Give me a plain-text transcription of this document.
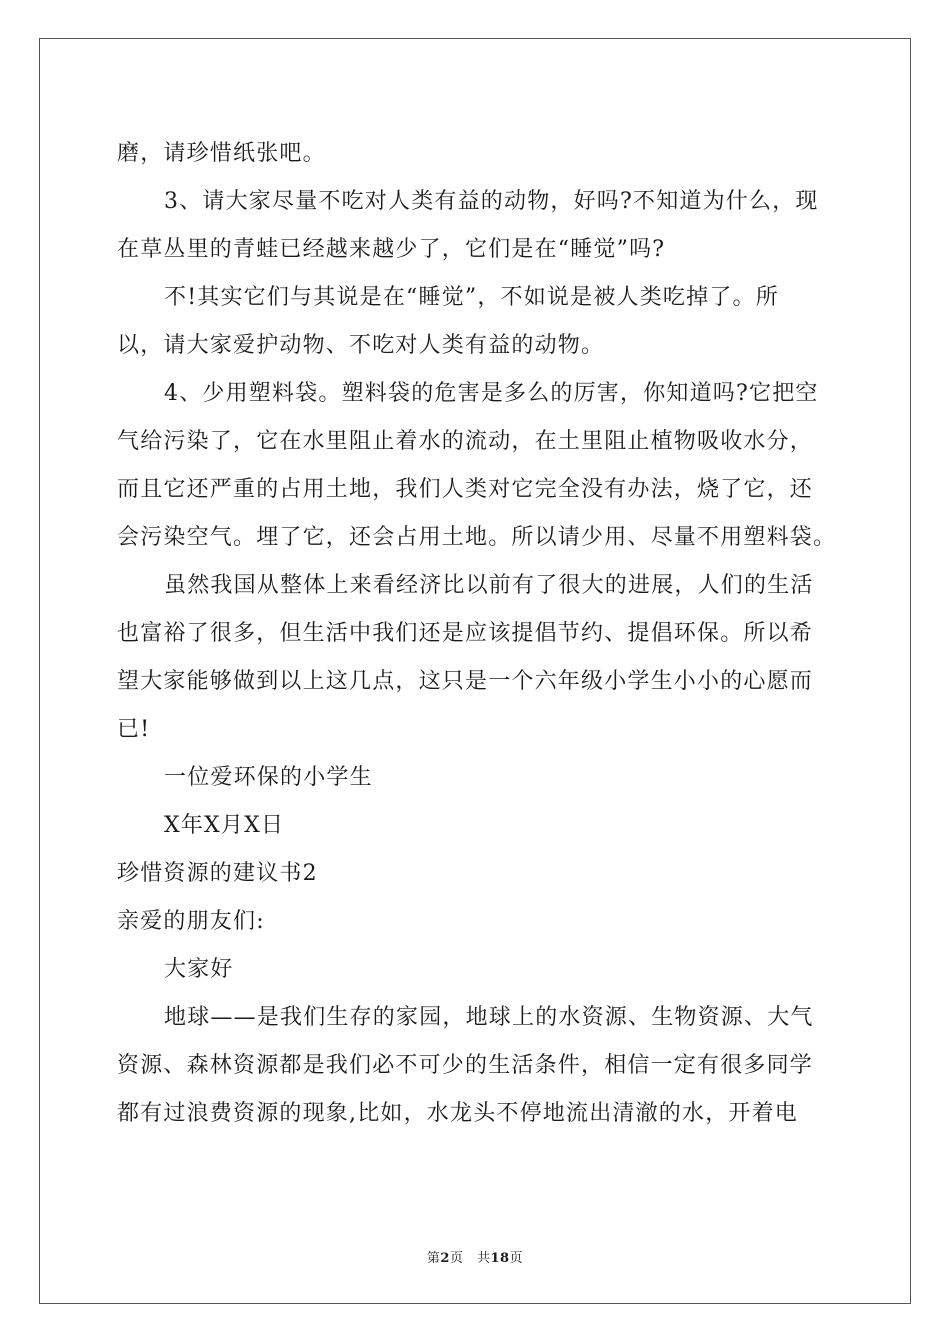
磨，请珍惜纸张吧。
3、请大家尽量不吃对人类有益的动物，好吗?不知道为什么，现
在草丛里的青蛙已经越来越少了，它们是在“睡觉”吗?
不!其实它们与其说是在“睡觉”，不如说是被人类吃掉了。所
以，请大家爱护动物、不吃对人类有益的动物。
4、少用塑料袋。塑料袋的危害是多么的厉害，你知道吗?它把空
气给污染了，它在水里阻止着水的流动，在土里阻止植物吸收水分，
而且它还严重的占用土地，我们人类对它完全没有办法，烧了它，还
会污染空气。埋了它，还会占用土地。所以请少用、尽量不用塑料袋。
虽然我国从整体上来看经济比以前有了很大的进展，人们的生活
也富裕了很多，但生活中我们还是应该提倡节约、提倡环保。所以希
望大家能够做到以上这几点，这只是一个六年级小学生小小的心愿而
已!
一位爱环保的小学生
X年X月X日
珍惜资源的建议书2
亲爱的朋友们:
大家好
地球——是我们生存的家园，地球上的水资源、生物资源、大气
资源、森林资源都是我们必不可少的生活条件，相信一定有很多同学
都有过浪费资源的现象,比如，水龙头不停地流出清澈的水，开着电
第2页　共18页
